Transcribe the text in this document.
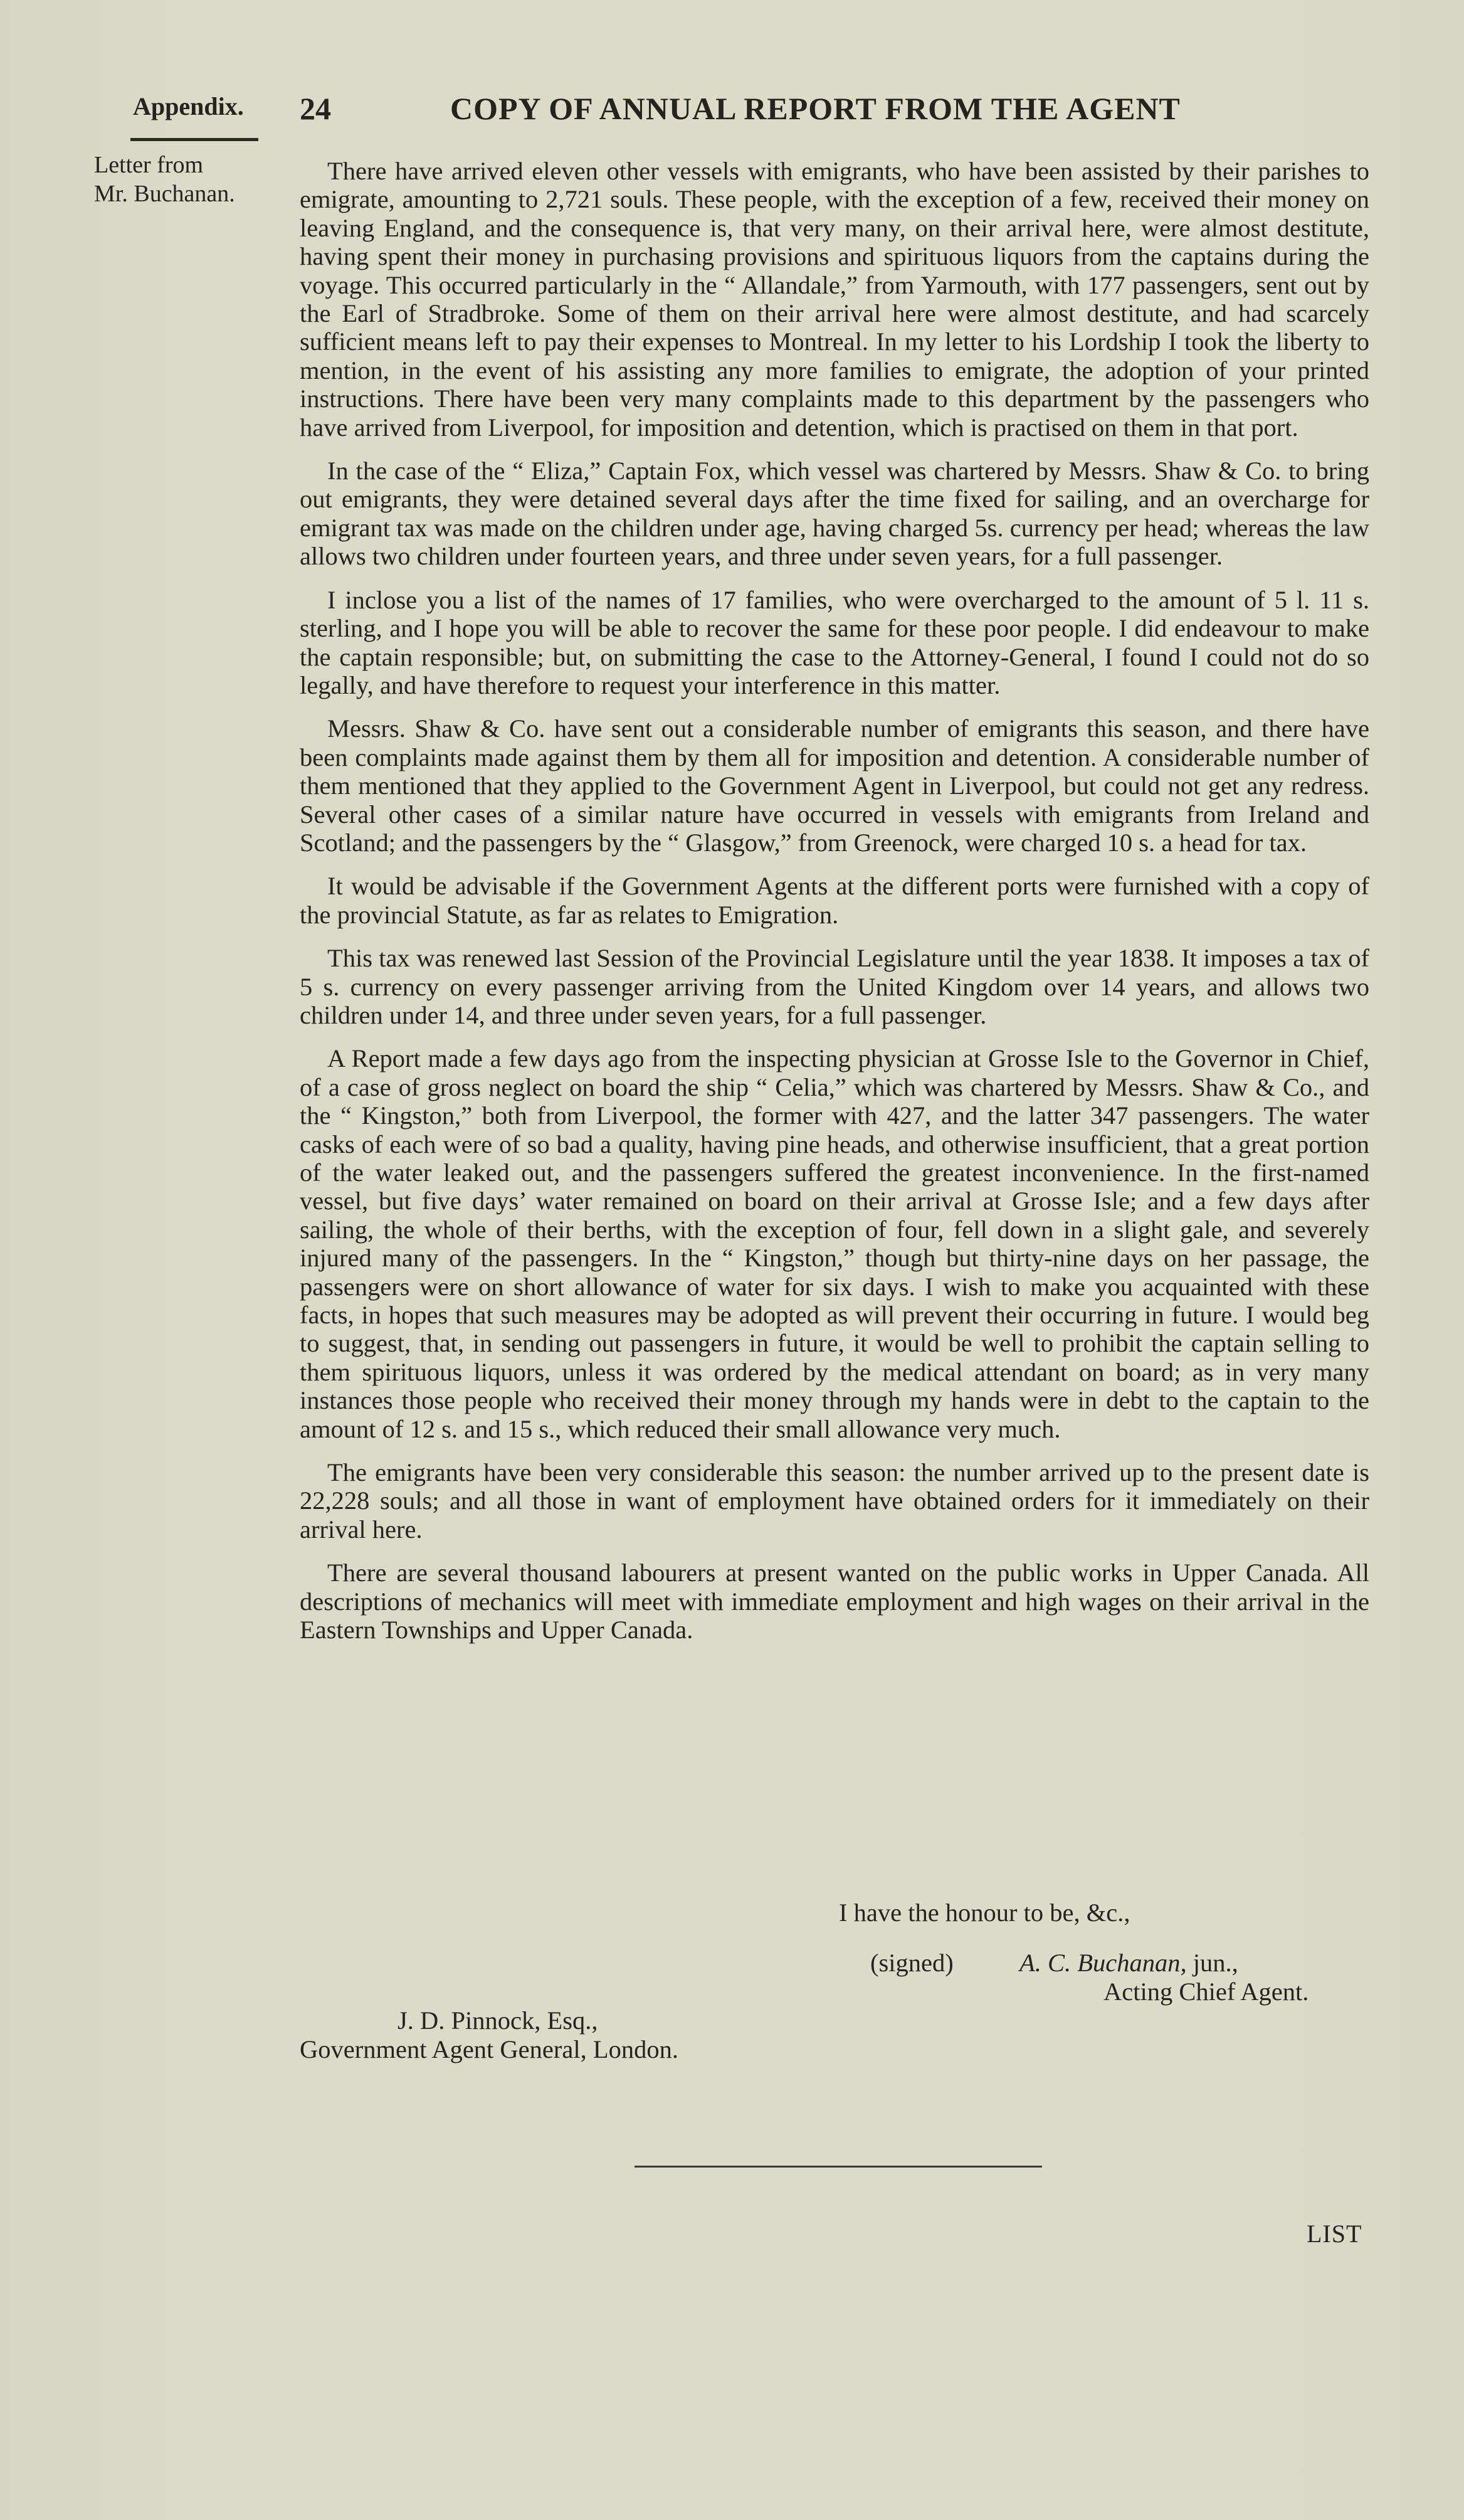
Appendix. 24	COPY OF ANNUAL REPORT FROM THE AGENT
Letter from
Mr. Buchanan.

There have arrived eleven other vessels with emigrants, who have been assisted by their parishes to emigrate, amounting to 2,721 souls. These people, with the exception of a few, received their money on leaving England, and the consequence is, that very many, on their arrival here, were almost destitute, having spent their money in purchasing provisions and spirituous liquors from the captains during the voyage. This occurred particularly in the “ Allandale,” from Yarmouth, with 177 passengers, sent out by the Earl of Stradbroke. Some of them on their arrival here were almost destitute, and had scarcely sufficient means left to pay their expenses to Montreal. In my letter to his Lordship I took the liberty to mention, in the event of his assisting any more families to emigrate, the adoption of your printed instructions. There have been very many complaints made to this department by the passengers who have arrived from Liverpool, for imposition and detention, which is practised on them in that port.

In the case of the “ Eliza,” Captain Fox, which vessel was chartered by Messrs. Shaw & Co. to bring out emigrants, they were detained several days after the time fixed for sailing, and an overcharge for emigrant tax was made on the children under age, having charged 5s. currency per head; whereas the law allows two children under fourteen years, and three under seven years, for a full passenger.

I inclose you a list of the names of 17 families, who were overcharged to the amount of 5 l. 11 s. sterling, and I hope you will be able to recover the same for these poor people. I did endeavour to make the captain responsible; but, on submitting the case to the Attorney-General, I found I could not do so legally, and have therefore to request your interference in this matter.

Messrs. Shaw & Co. have sent out a considerable number of emigrants this season, and there have been complaints made against them by them all for imposition and detention. A considerable number of them mentioned that they applied to the Government Agent in Liverpool, but could not get any redress. Several other cases of a similar nature have occurred in vessels with emigrants from Ireland and Scotland; and the passengers by the “ Glasgow,” from Greenock, were charged 10 s. a head for tax.

It would be advisable if the Government Agents at the different ports were furnished with a copy of the provincial Statute, as far as relates to Emigration.

This tax was renewed last Session of the Provincial Legislature until the year 1838. It imposes a tax of 5 s. currency on every passenger arriving from the United Kingdom over 14 years, and allows two children under 14, and three under seven years, for a full passenger.

A Report made a few days ago from the inspecting physician at Grosse Isle to the Governor in Chief, of a case of gross neglect on board the ship “ Celia,” which was chartered by Messrs. Shaw & Co., and the “ Kingston,” both from Liverpool, the former with 427, and the latter 347 passengers. The water casks of each were of so bad a quality, having pine heads, and otherwise insufficient, that a great portion of the water leaked out, and the passengers suffered the greatest inconvenience. In the first-named vessel, but five days’ water remained on board on their arrival at Grosse Isle; and a few days after sailing, the whole of their berths, with the exception of four, fell down in a slight gale, and severely injured many of the passengers. In the “ Kingston,” though but thirty-nine days on her passage, the passengers were on short allowance of water for six days. I wish to make you acquainted with these facts, in hopes that such measures may be adopted as will prevent their occurring in future. I would beg to suggest, that, in sending out passengers in future, it would be well to prohibit the captain selling to them spirituous liquors, unless it was ordered by the medical attendant on board; as in very many instances those people who received their money through my hands were in debt to the captain to the amount of 12 s. and 15 s., which reduced their small allowance very much.

The emigrants have been very considerable this season: the number arrived up to the present date is 22,228 souls; and all those in want of employment have obtained orders for it immediately on their arrival here.

There are several thousand labourers at present wanted on the public works in Upper Canada. All descriptions of mechanics will meet with immediate employment and high wages on their arrival in the Eastern Townships and Upper Canada.

I have the honour to be, &c.,
(signed)	A. C. Buchanan, jun.,
Acting Chief Agent.
J. D. Pinnock, Esq.,
Government Agent General, London.
LIST
